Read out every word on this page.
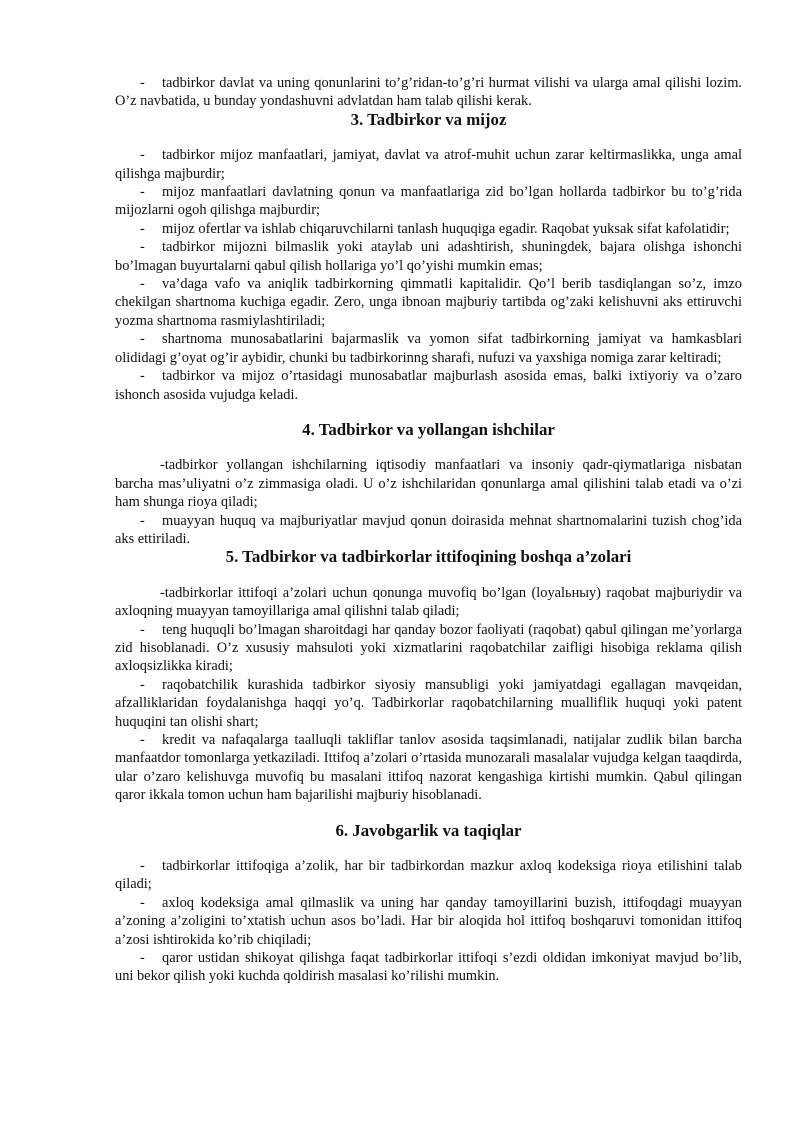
- tadbirkor davlat va uning qonunlarini to’g’ridan-to’g’ri hurmat vilishi va ularga amal qilishi lozim. O’z navbatida, u bunday yondashuvni advlatdan ham talab qilishi kerak.

3. Tadbirkor va mijoz

- tadbirkor mijoz manfaatlari, jamiyat, davlat va atrof-muhit uchun zarar keltirmaslikka, unga amal qilishga majburdir;

- mijoz manfaatlari davlatning qonun va manfaatlariga zid bo’lgan hollarda tadbirkor bu to’g’rida mijozlarni ogoh qilishga majburdir;

- mijoz ofertlar va ishlab chiqaruvchilarni tanlash huquqiga egadir. Raqobat yuksak sifat kafolatidir;

- tadbirkor mijozni bilmaslik yoki ataylab uni adashtirish, shuningdek, bajara olishga ishonchi bo’lmagan buyurtalarni qabul qilish hollariga yo’l qo’yishi mumkin emas;

- va’daga vafo va aniqlik tadbirkorning qimmatli kapitalidir. Qo’l berib tasdiqlangan so’z, imzo chekilgan shartnoma kuchiga egadir. Zero, unga ibnoan majburiy tartibda og’zaki kelishuvni aks ettiruvchi yozma shartnoma rasmiylashtiriladi;

- shartnoma munosabatlarini bajarmaslik va yomon sifat tadbirkorning jamiyat va hamkasblari olididagi g’oyat og’ir aybidir, chunki bu tadbirkorinng sharafi, nufuzi va yaxshiga nomiga zarar keltiradi;

- tadbirkor va mijoz o’rtasidagi munosabatlar majburlash asosida emas, balki ixtiyoriy va o’zaro ishonch asosida vujudga keladi.

4. Tadbirkor va yollangan ishchilar

-tadbirkor yollangan ishchilarning iqtisodiy manfaatlari va insoniy qadr-qiymatlariga nisbatan barcha mas’uliyatni o’z zimmasiga oladi. U o’z ishchilaridan qonunlarga amal qilishini talab etadi va o’zi ham shunga rioya qiladi;

- muayyan huquq va majburiyatlar mavjud qonun doirasida mehnat shartnomalarini tuzish chog’ida aks ettiriladi.

5. Tadbirkor va tadbirkorlar ittifoqining boshqa a’zolari

-tadbirkorlar ittifoqi a’zolari uchun qonunga muvofiq bo’lgan (loyalьныy) raqobat majburiydir va axloqning muayyan tamoyillariga amal qilishni talab qiladi;

- teng huquqli bo’lmagan sharoitdagi har qanday bozor faoliyati (raqobat) qabul qilingan me’yorlarga zid hisoblanadi. O’z xususiy mahsuloti yoki xizmatlarini raqobatchilar zaifligi hisobiga reklama qilish axloqsizlikka kiradi;

- raqobatchilik kurashida tadbirkor siyosiy mansubligi yoki jamiyatdagi egallagan mavqeidan, afzalliklaridan foydalanishga haqqi yo’q. Tadbirkorlar raqobatchilarning mualliflik huquqi yoki patent huquqini tan olishi shart;

- kredit va nafaqalarga taalluqli takliflar tanlov asosida taqsimlanadi, natijalar zudlik bilan barcha manfaatdor tomonlarga yetkaziladi. Ittifoq a’zolari o’rtasida munozarali masalalar vujudga kelgan taaqdirda, ular o’zaro kelishuvga muvofiq bu masalani ittifoq nazorat kengashiga kirtishi mumkin. Qabul qilingan qaror ikkala tomon uchun ham bajarilishi majburiy hisoblanadi.

6. Javobgarlik va taqiqlar

- tadbirkorlar ittifoqiga a’zolik, har bir tadbirkordan mazkur axloq kodeksiga rioya etilishini talab qiladi;

- axloq kodeksiga amal qilmaslik va uning har qanday tamoyillarini buzish, ittifoqdagi muayyan a’zoning a’zoligini to’xtatish uchun asos bo’ladi. Har bir aloqida hol ittifoq boshqaruvi tomonidan ittifoq a’zosi ishtirokida ko’rib chiqiladi;

- qaror ustidan shikoyat qilishga faqat tadbirkorlar ittifoqi s’ezdi oldidan imkoniyat mavjud bo’lib, uni bekor qilish yoki kuchda qoldirish masalasi ko’rilishi mumkin.
